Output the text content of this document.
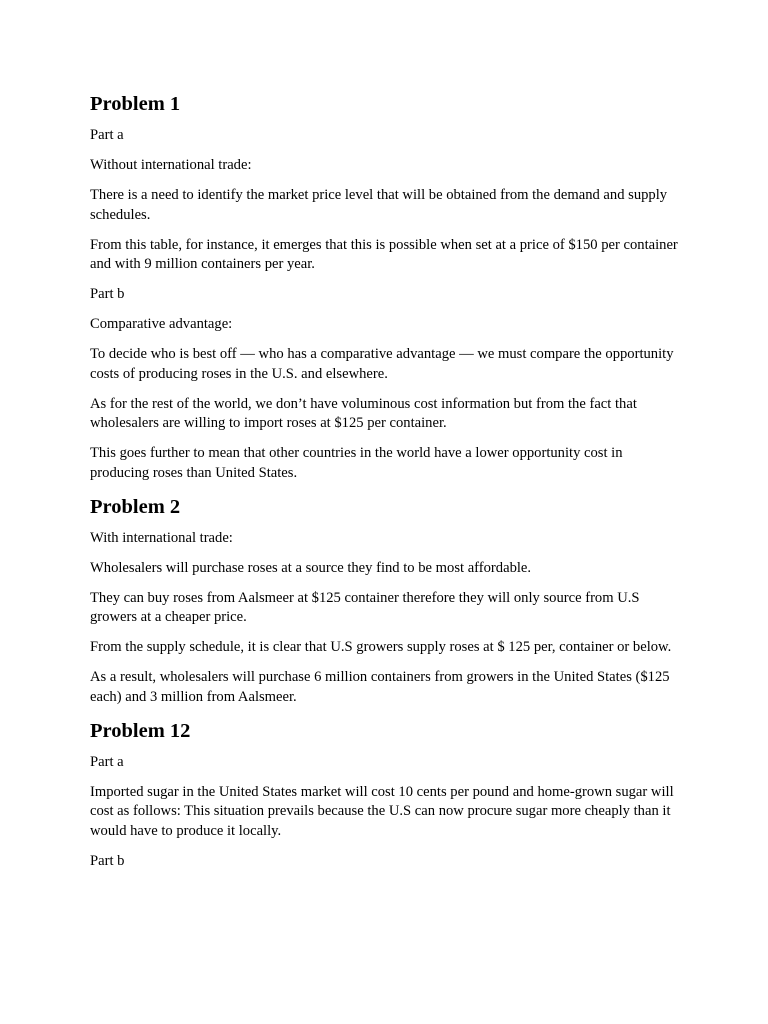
Problem 1

Part a

Without international trade:

There is a need to identify the market price level that will be obtained from the demand and supply schedules.

From this table, for instance, it emerges that this is possible when set at a price of $150 per container and with 9 million containers per year.

Part b

Comparative advantage:

To decide who is best off — who has a comparative advantage — we must compare the opportunity costs of producing roses in the U.S. and elsewhere.

As for the rest of the world, we don’t have voluminous cost information but from the fact that wholesalers are willing to import roses at $125 per container.

This goes further to mean that other countries in the world have a lower opportunity cost in producing roses than United States.

Problem 2

With international trade:

Wholesalers will purchase roses at a source they find to be most affordable.

They can buy roses from Aalsmeer at $125 container therefore they will only source from U.S growers at a cheaper price.

From the supply schedule, it is clear that U.S growers supply roses at $ 125 per, container or below.

As a result, wholesalers will purchase 6 million containers from growers in the United States ($125 each) and 3 million from Aalsmeer.

Problem 12

Part a

Imported sugar in the United States market will cost 10 cents per pound and home-grown sugar will cost as follows: This situation prevails because the U.S can now procure sugar more cheaply than it would have to produce it locally.

Part b
